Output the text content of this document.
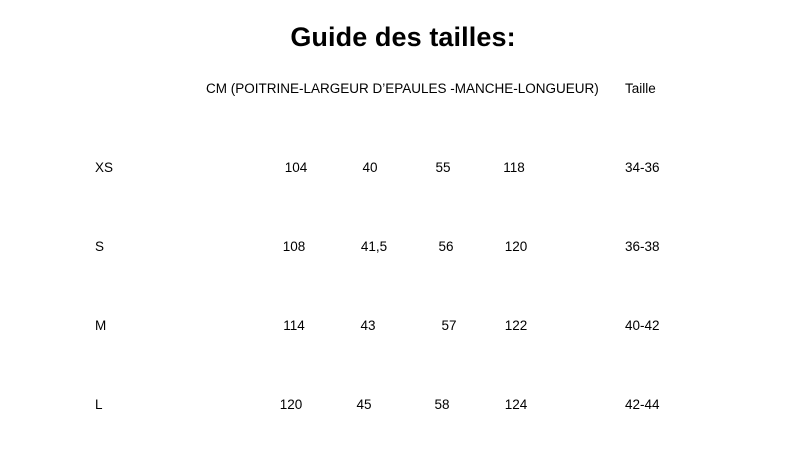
Guide des tailles:
CM (POITRINE-LARGEUR D’EPAULES -MANCHE-LONGUEUR) Taille
XS	104	40	55	118	34-36
S	108	41,5	56	120	36-38
M	114	43	57	122	40-42
L	120	45	58	124	42-44
